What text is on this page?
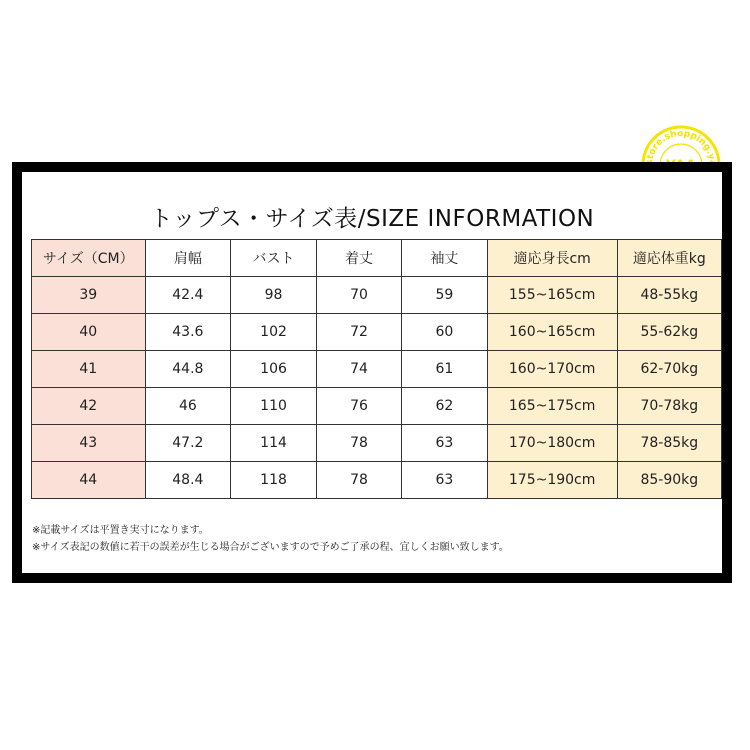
tore.shopping.y
トップス・サイズ表/SIZE INFORMATION
サイズ（CM）	肩幅	バスト	着丈	袖丈	適応身長cm	適応体重kg
39	42.4	98	70	59	155~165cm	48-55kg
40	43.6	102	72	60	160~165cm	55-62kg
41	44.8	106	74	61	160~170cm	62-70kg
42	46	110	76	62	165~175cm	70-78kg
43	47.2	114	78	63	170~180cm	78-85kg
44	48.4	118	78	63	175~190cm	85-90kg
※記載サイズは平置き実寸になります。
※サイズ表記の数値に若干の誤差が生じる場合がございますので予めご了承の程、宜しくお願い致します。
